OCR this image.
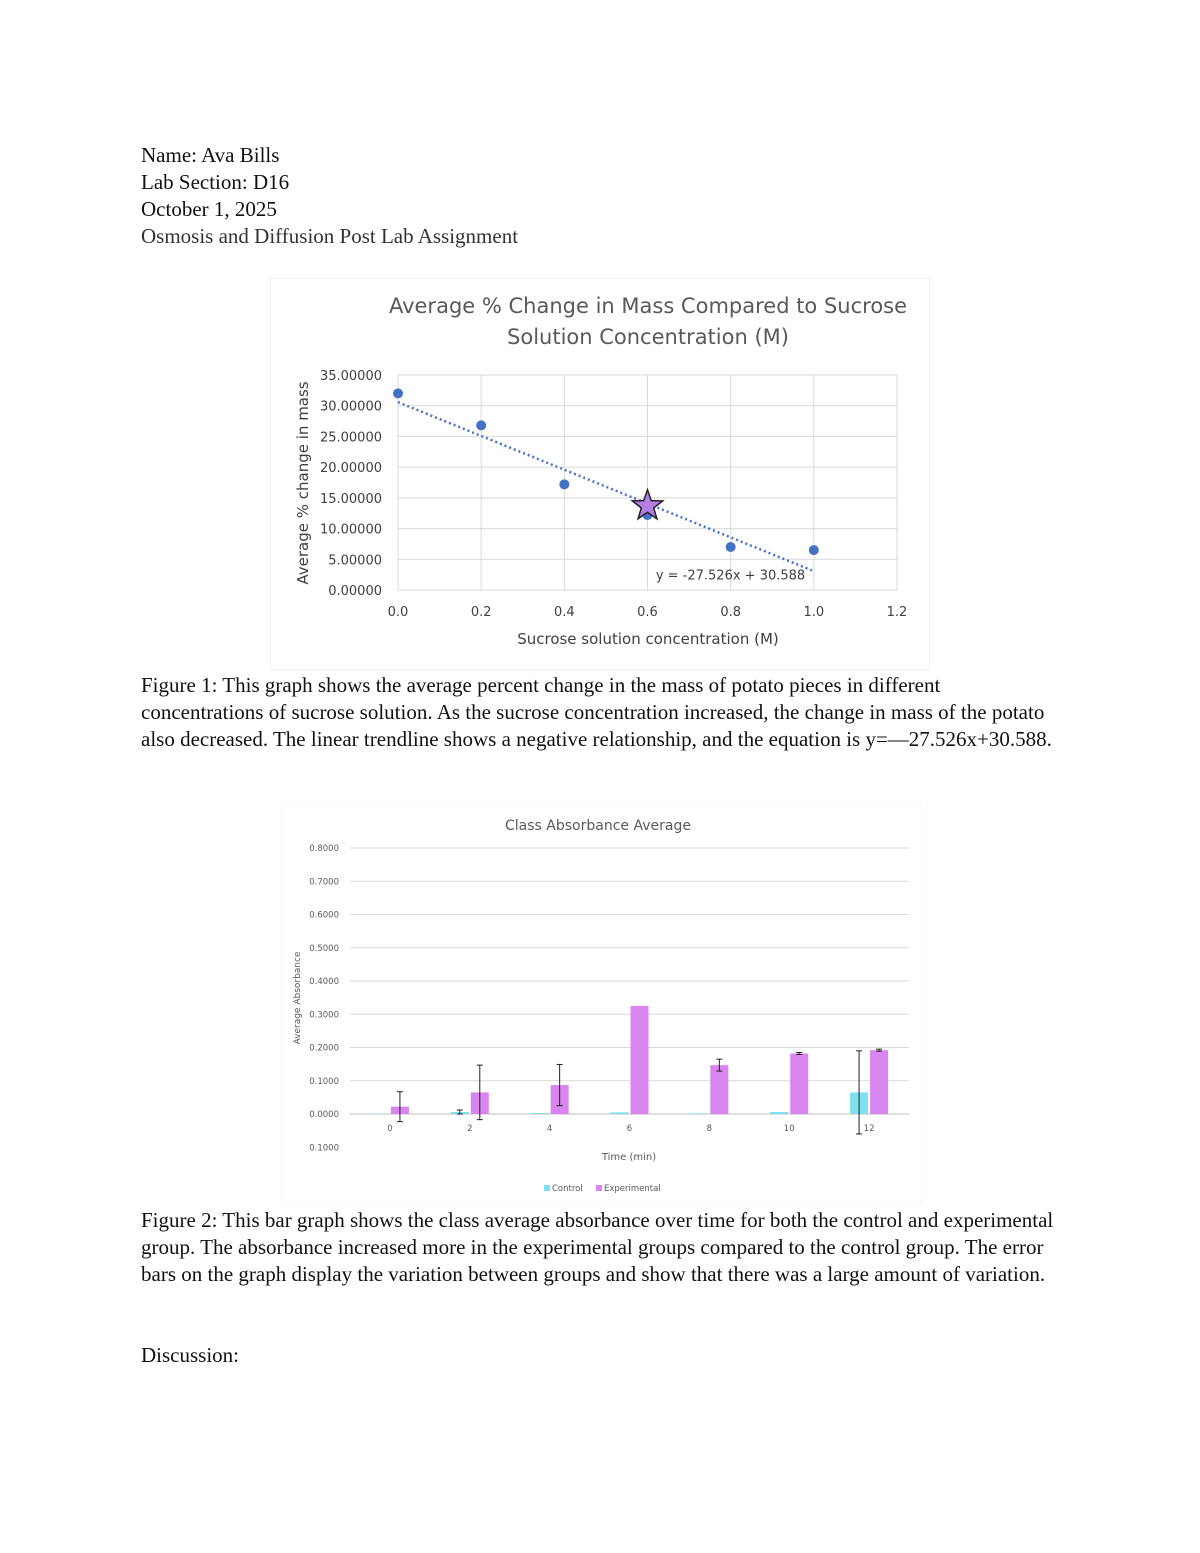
Name: Ava Bills
Lab Section: D16
October 1, 2025
Osmosis and Diffusion Post Lab Assignment
Average % Change in Mass Compared to Sucrose
Solution Concentration (M)
0.00000
5.00000
10.00000
15.00000
20.00000
25.00000
30.00000
35.00000
0.0	0.2	0.4	0.6	0.8	1.0	1.2
Sucrose solution concentration (M)
Average % change in mass	y = -27.526x + 30.588
Figure 1: This graph shows the average percent change in the mass of potato pieces in different concentrations of sucrose solution. As the sucrose concentration increased, the change in mass of the potato also decreased. The linear trendline shows a negative relationship, and the equation is y=—27.526x+30.588.
Class Absorbance Average
0.1000
0.0000
0.1000
0.2000
0.3000
0.4000
0.5000
0.6000
0.7000
0.8000
0	2	4	6	8	10	12
Time (min)
Average Absorbance
Control	Experimental
Figure 2: This bar graph shows the class average absorbance over time for both the control and experimental group. The absorbance increased more in the experimental groups compared to the control group. The error bars on the graph display the variation between groups and show that there was a large amount of variation.
Discussion:
